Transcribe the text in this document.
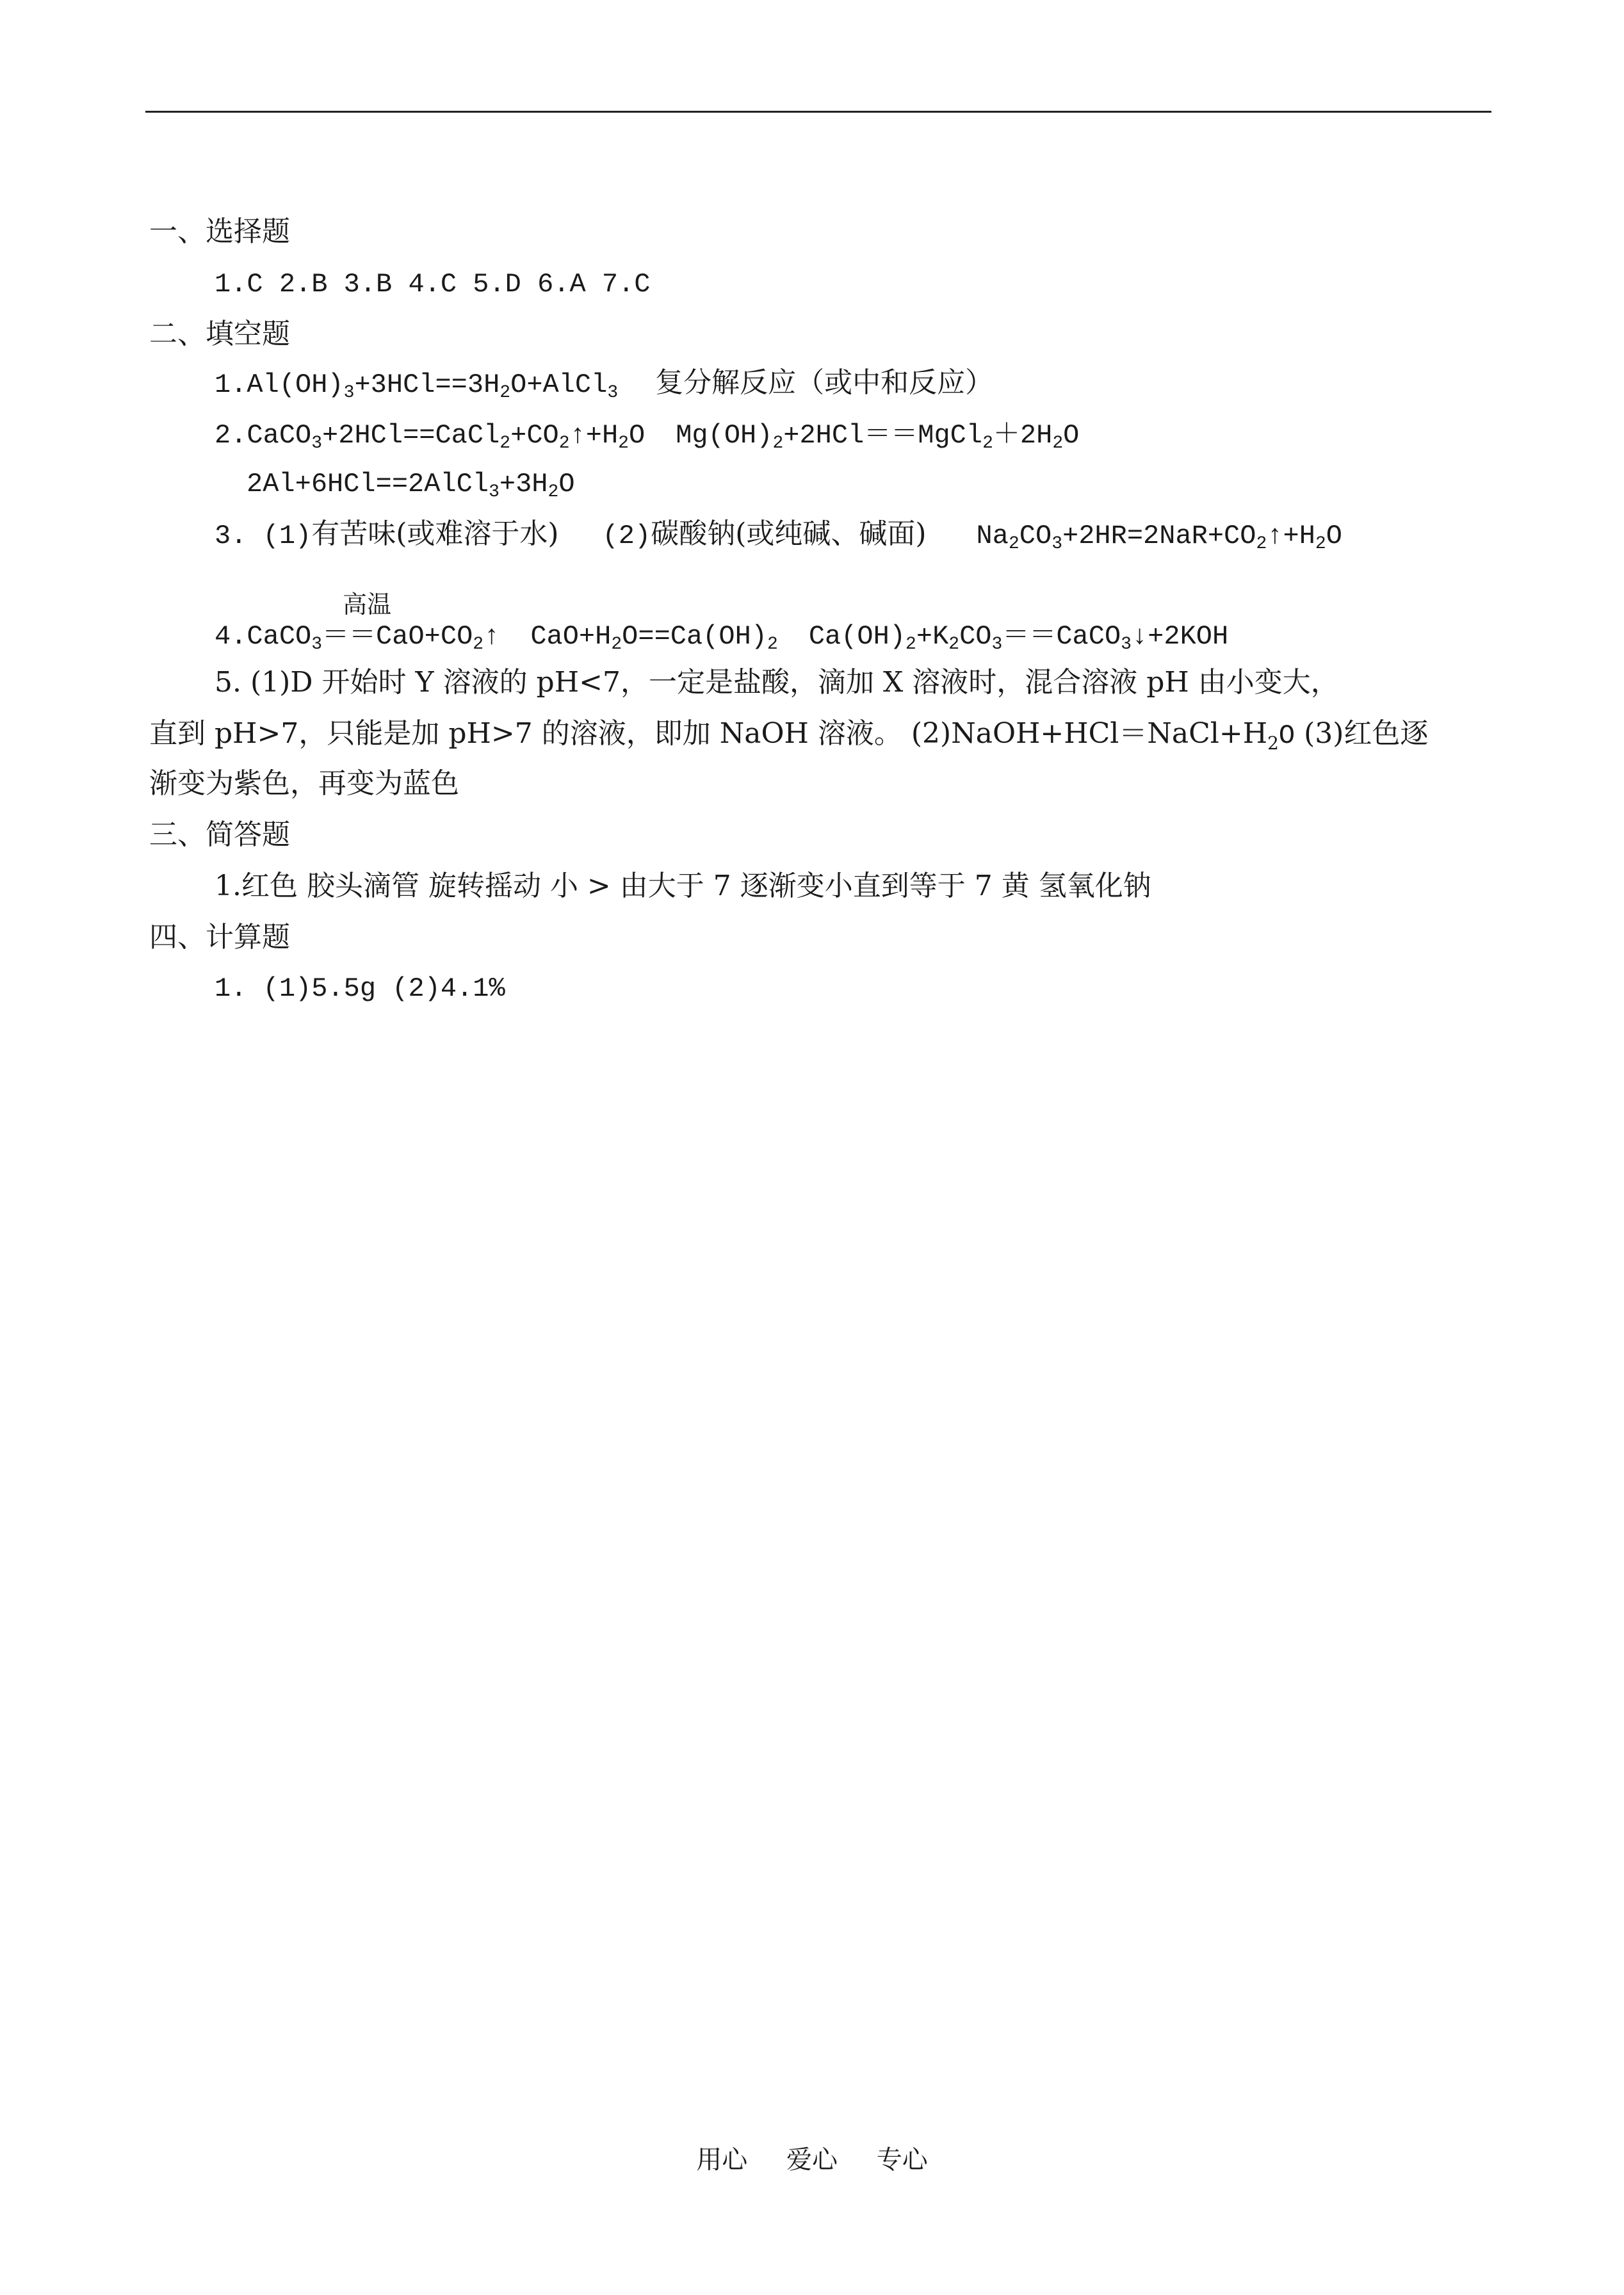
一、选择题
1.C 2.B 3.B 4.C 5.D 6.A 7.C
二、填空题
$1.Al(OH)_3+3HCl==3H_2O+AlCl_3$ 复分解反应（或中和反应）
$2.CaCO_3+2HCl==CaCl_2+CO_2↑+H_2O$ $Mg(OH)_2+2HCl==MgCl_2+2H_2O$
$2Al+6HCl==2AlCl_3+3H_2O$
3. (1)有苦味(或难溶于水) (2)碳酸钠(或纯碱、碱面) $Na_2CO_3+2HR=2NaR+CO_2↑+H_2O$
高温
$4.CaCO_3==CaO+CO_2↑$ $CaO+H_2O==Ca(OH)_2$ $Ca(OH)_2+K_2CO_3==CaCO_3↓+2KOH$
5. (1)D 开始时 Y 溶液的 pH<7，一定是盐酸，滴加 X 溶液时，混合溶液 pH 由小变大，
直到 pH>7，只能是加 pH>7 的溶液，即加 NaOH 溶液。 $(2)NaOH+HCl=NaCl+H_2O$ (3)红色逐
渐变为紫色，再变为蓝色
三、简答题
1.红色 胶头滴管 旋转摇动 小 > 由大于 7 逐渐变小直到等于 7 黄 氢氧化钠
四、计算题
1. (1)5.5g (2)4.1%
用心 爱心 专心
